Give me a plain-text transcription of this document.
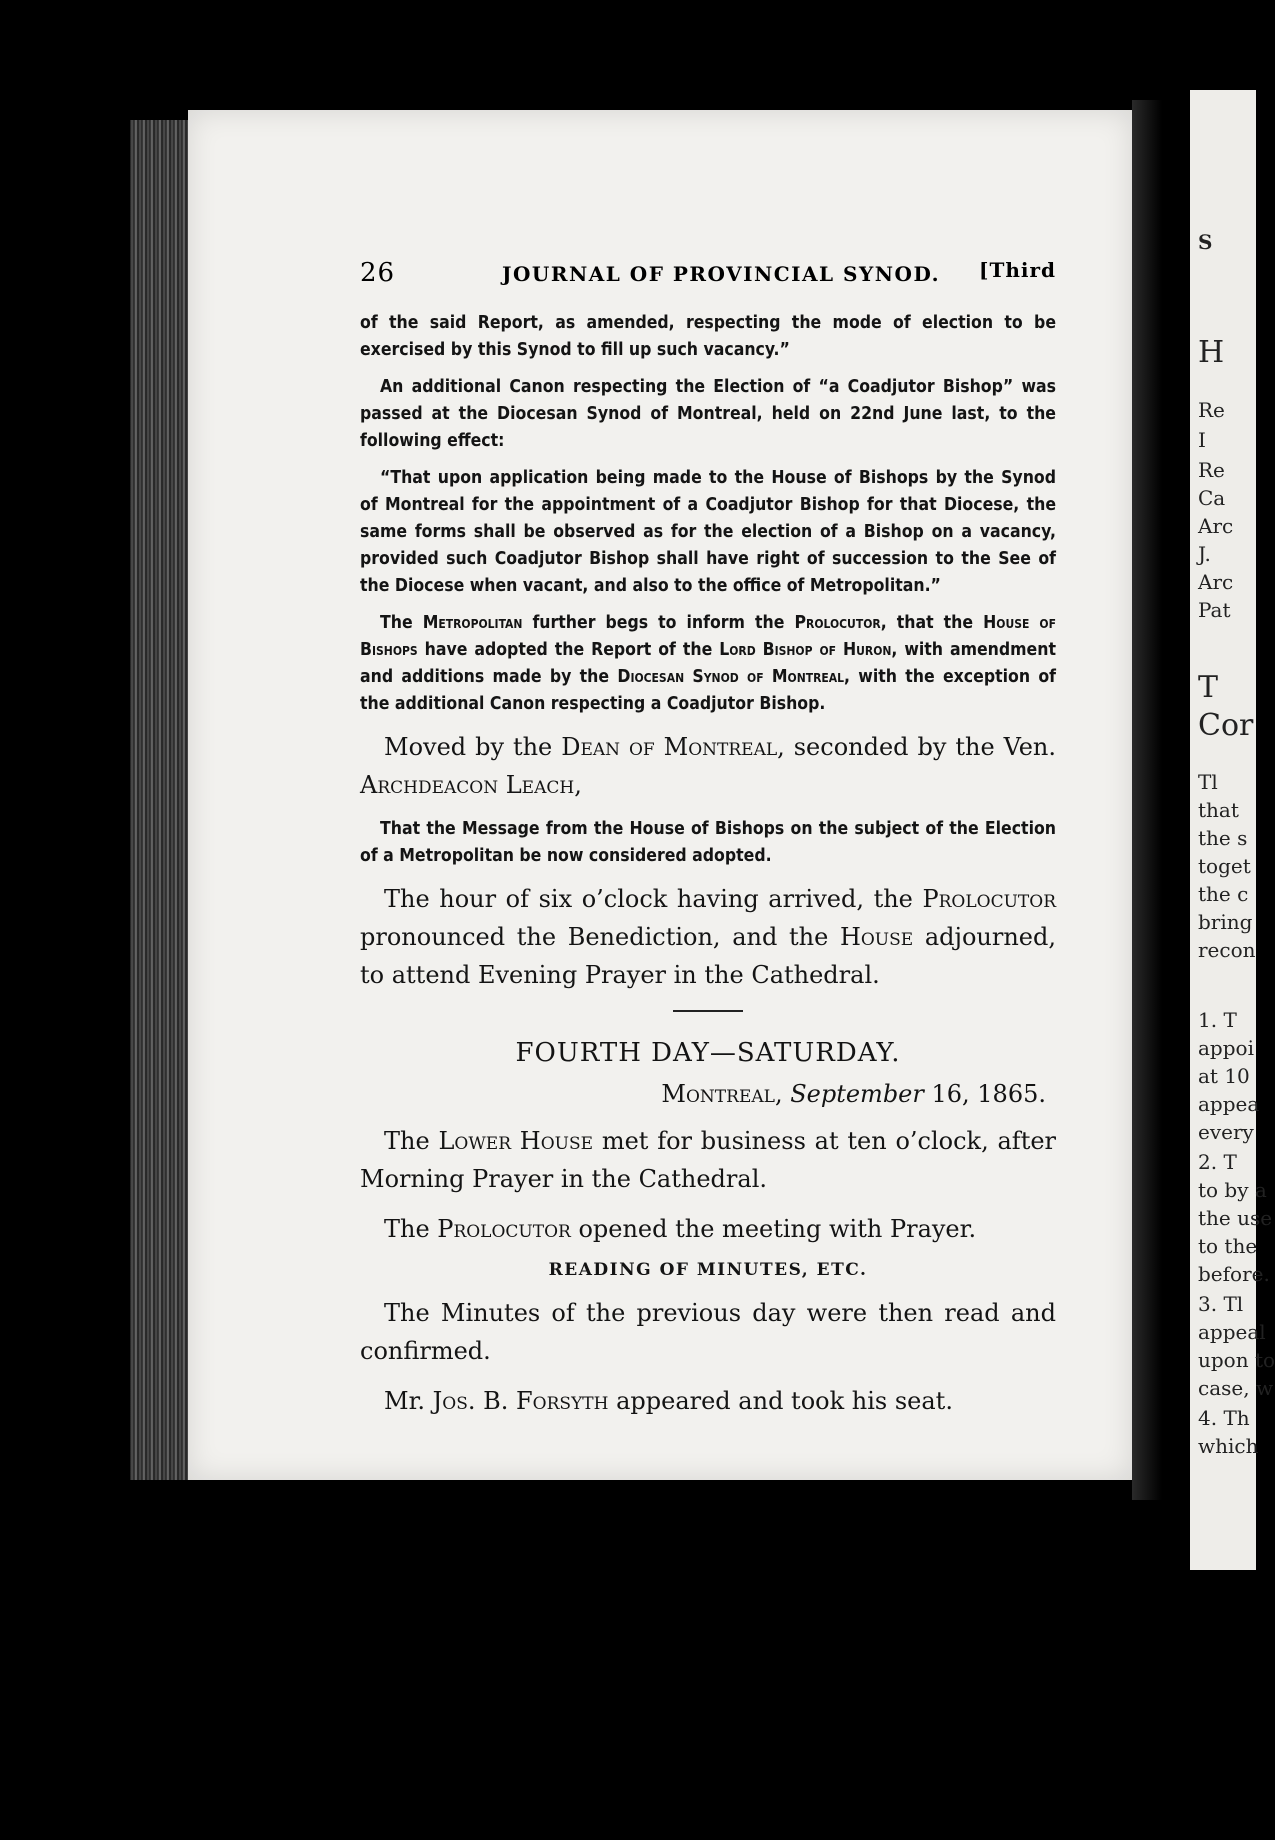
S
H
Re
I
Re
Ca
Arc
J.
Arc
Pat
T
Cor
Tl
that
the s
toget
the c
bring
recon
1. T
appoi
at 10
appea
every
2. T
to by a
the use
to the
before.
3. Tl
appeal
upon to
case, w
4. Th
which
26	JOURNAL OF PROVINCIAL SYNOD. [Third

of the said Report, as amended, respecting the mode of election to be exercised by this Synod to fill up such vacancy.”

An additional Canon respecting the Election of “a Coadjutor Bishop” was passed at the Diocesan Synod of Montreal, held on 22nd June last, to the following effect:

“That upon application being made to the House of Bishops by the Synod of Montreal for the appointment of a Coadjutor Bishop for that Diocese, the same forms shall be observed as for the election of a Bishop on a vacancy, provided such Coadjutor Bishop shall have right of succession to the See of the Diocese when vacant, and also to the office of Metropolitan.”

The Metropolitan further begs to inform the Prolocutor, that the House of Bishops have adopted the Report of the Lord Bishop of Huron, with amendment and additions made by the Diocesan Synod of Montreal, with the exception of the additional Canon respecting a Coadjutor Bishop.

Moved by the Dean of Montreal, seconded by the Ven. Archdeacon Leach,

That the Message from the House of Bishops on the subject of the Election of a Metropolitan be now considered adopted.

The hour of six o’clock having arrived, the Prolocutor pronounced the Benediction, and the House adjourned, to attend Evening Prayer in the Cathedral.

FOURTH DAY—SATURDAY.
Montreal, September 16, 1865.

The Lower House met for business at ten o’clock, after Morning Prayer in the Cathedral.

The Prolocutor opened the meeting with Prayer.

READING OF MINUTES, ETC.

The Minutes of the previous day were then read and confirmed.

Mr. Jos. B. Forsyth appeared and took his seat.
